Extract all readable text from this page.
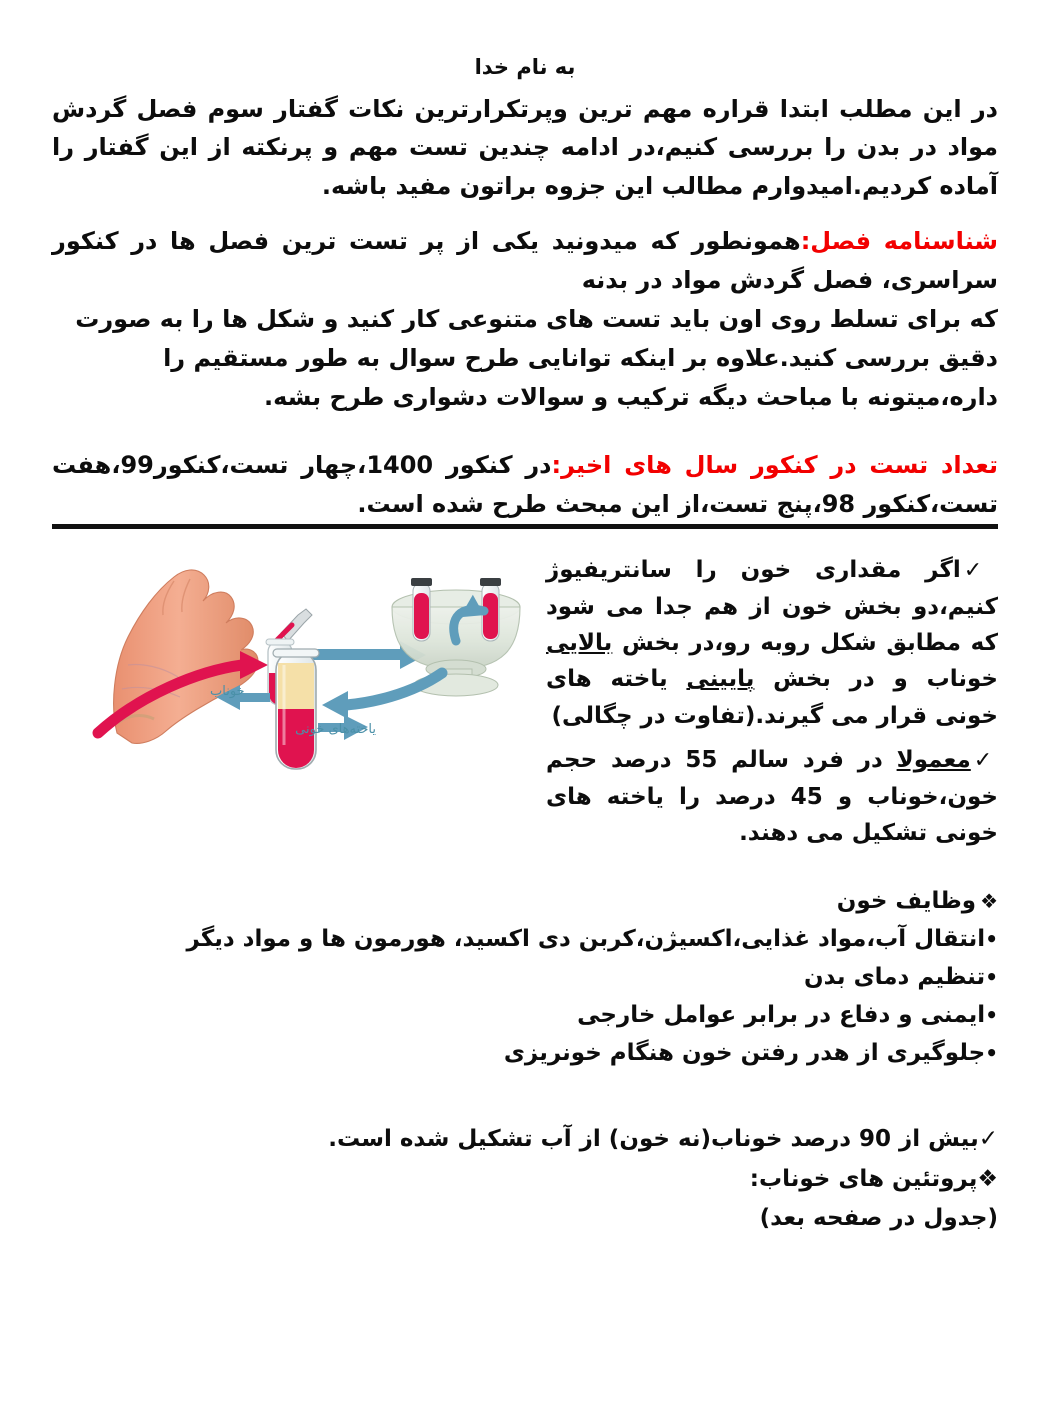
به نام خدا

در این مطلب ابتدا قراره مهم ترین وپرتکرارترین نکات گفتار سوم فصل گردش مواد در بدن را بررسی کنیم،در ادامه چندین تست مهم و پرنکته از این گفتار را آماده کردیم.امیدوارم مطالب این جزوه براتون مفید باشه.

شناسنامه فصل:همونطور که میدونید یکی از پر تست ترین فصل ها در کنکور سراسری، فصل گردش مواد در بدنه

که برای تسلط روی اون باید تست های متنوعی کار کنید و شکل ها را به صورت دقیق بررسی کنید.علاوه بر اینکه توانایی طرح سوال به طور مستقیم را داره،میتونه با مباحث دیگه ترکیب و سوالات دشواری طرح بشه.

تعداد تست در کنکور سال های اخیر:در کنکور 1400،چهار تست،کنکور99،هفت تست،کنکور 98،پنج تست،از این مبحث طرح شده است.

خوناب
یاخته‌های خونی
✓اگر مقداری خون را سانتریفیوژ کنیم،دو بخش خون از هم جدا می شود که مطابق شکل روبه رو،در بخش بالایی خوناب و در بخش پایینی یاخته های خونی قرار می گیرند.(تفاوت در چگالی)
✓معمولا در فرد سالم 55 درصد حجم خون،خوناب و 45 درصد را یاخته های خونی تشکیل می دهند.
❖وظایف خون
•انتقال آب،مواد غذایی،اکسیژن،کربن دی اکسید، هورمون ها و مواد دیگر
•تنظیم دمای بدن
•ایمنی و دفاع در برابر عوامل خارجی
•جلوگیری از هدر رفتن خون هنگام خونریزی
✓بیش از 90 درصد خوناب(نه خون) از آب تشکیل شده است.
❖پروتئین های خوناب:
(جدول در صفحه بعد)
